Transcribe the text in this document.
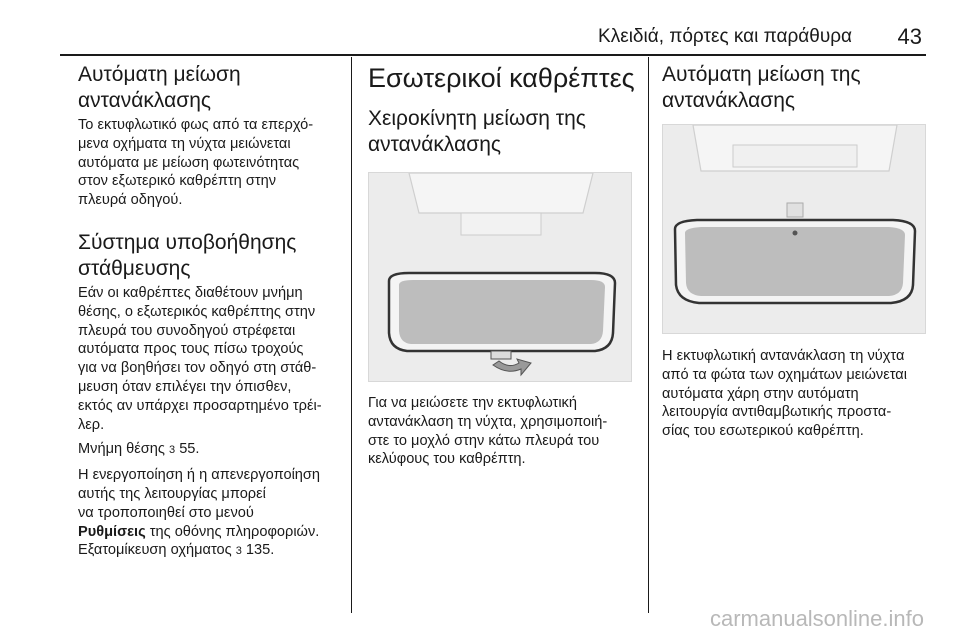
Κλειδιά, πόρτες και παράθυρα 43
Αυτόματη μείωση
αντανάκλασης
Το εκτυφλωτικό φως από τα επερχό-
μενα οχήματα τη νύχτα μειώνεται
αυτόματα με μείωση φωτεινότητας
στον εξωτερικό καθρέπτη στην
πλευρά οδηγού.
Σύστημα υποβοήθησης
στάθμευσης
Εάν οι καθρέπτες διαθέτουν μνήμη
θέσης, ο εξωτερικός καθρέπτης στην
πλευρά του συνοδηγού στρέφεται
αυτόματα προς τους πίσω τροχούς
για να βοηθήσει τον οδηγό στη στάθ-
μευση όταν επιλέγει την όπισθεν,
εκτός αν υπάρχει προσαρτημένο τρέι-
λερ.
Μνήμη θέσης 3 55.
Η ενεργοποίηση ή η απενεργοποίηση
αυτής της λειτουργίας μπορεί
να τροποποιηθεί στο μενού
Ρυθμίσεις της οθόνης πληροφοριών.
Εξατομίκευση οχήματος 3 135.
Εσωτερικοί καθρέπτες
Χειροκίνητη μείωση της
αντανάκλασης
Για να μειώσετε την εκτυφλωτική
αντανάκλαση τη νύχτα, χρησιμοποιή-
στε το μοχλό στην κάτω πλευρά του
κελύφους του καθρέπτη.
Αυτόματη μείωση της
αντανάκλασης
Η εκτυφλωτική αντανάκλαση τη νύχτα
από τα φώτα των οχημάτων μειώνεται
αυτόματα χάρη στην αυτόματη
λειτουργία αντιθαμβωτικής προστα-
σίας του εσωτερικού καθρέπτη.
carmanualsonline.info
